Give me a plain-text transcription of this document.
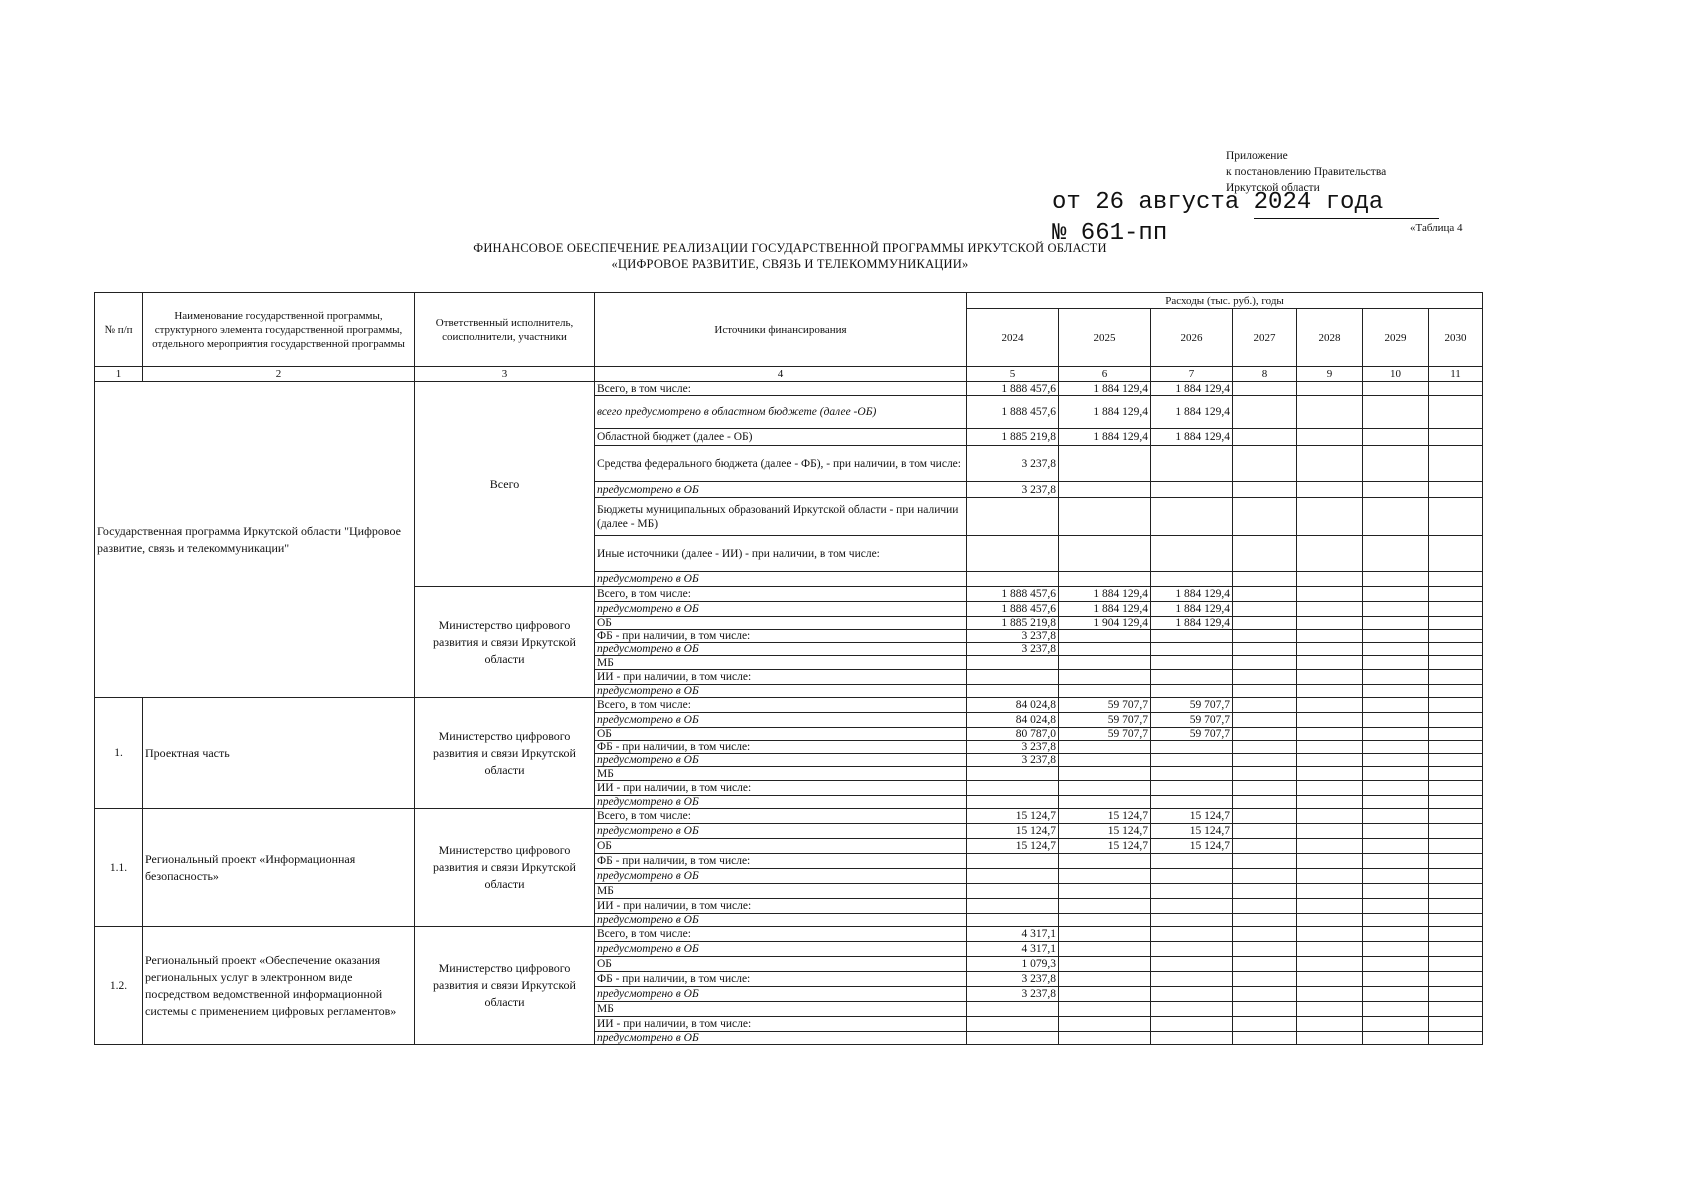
Приложение
к постановлению Правительства
Иркутской области
от 26 августа 2024 года
№ 661-пп	«Таблица 4
ФИНАНСОВОЕ ОБЕСПЕЧЕНИЕ РЕАЛИЗАЦИИ ГОСУДАРСТВЕННОЙ ПРОГРАММЫ ИРКУТСКОЙ ОБЛАСТИ
«ЦИФРОВОЕ РАЗВИТИЕ, СВЯЗЬ И ТЕЛЕКОММУНИКАЦИИ»
№ п/п	Наименование государственной программы, структурного элемента государственной программы, отдельного мероприятия государственной программы	Ответственный исполнитель, соисполнители, участники	Источники финансирования	Расходы (тыс. руб.), годы						
				2024	2025	2026	2027	2028	2029	2030
1	2	3	4	5	6	7	8	9	10	11
Государственная программа Иркутской области "Цифровое развитие, связь и телекоммуникации"		Всего	Всего, в том числе:	1 888 457,6	1 884 129,4	1 884 129,4				
			всего предусмотрено в областном бюджете (далее -ОБ)	1 888 457,6	1 884 129,4	1 884 129,4				
			Областной бюджет (далее - ОБ)	1 885 219,8	1 884 129,4	1 884 129,4				
			Средства федерального бюджета (далее - ФБ), - при наличии, в том числе:	3 237,8						
			предусмотрено в ОБ	3 237,8						
			Бюджеты муниципальных образований Иркутской области - при наличии (далее - МБ)							
			Иные источники (далее - ИИ) - при наличии, в том числе:							
			предусмотрено в ОБ							
		Министерство цифрового развития и связи Иркутской области	Всего, в том числе:	1 888 457,6	1 884 129,4	1 884 129,4				
			предусмотрено в ОБ	1 888 457,6	1 884 129,4	1 884 129,4				
			ОБ	1 885 219,8	1 904 129,4	1 884 129,4				
			ФБ - при наличии, в том числе:	3 237,8						
			предусмотрено в ОБ	3 237,8						
			МБ							
			ИИ - при наличии, в том числе:							
			предусмотрено в ОБ							
1.	Проектная часть	Министерство цифрового развития и связи Иркутской области	Всего, в том числе:	84 024,8	59 707,7	59 707,7				
			предусмотрено в ОБ	84 024,8	59 707,7	59 707,7				
			ОБ	80 787,0	59 707,7	59 707,7				
			ФБ - при наличии, в том числе:	3 237,8						
			предусмотрено в ОБ	3 237,8						
			МБ							
			ИИ - при наличии, в том числе:							
			предусмотрено в ОБ							
1.1.	Региональный проект «Информационная безопасность»	Министерство цифрового развития и связи Иркутской области	Всего, в том числе:	15 124,7	15 124,7	15 124,7				
			предусмотрено в ОБ	15 124,7	15 124,7	15 124,7				
			ОБ	15 124,7	15 124,7	15 124,7				
			ФБ - при наличии, в том числе:							
			предусмотрено в ОБ							
			МБ							
			ИИ - при наличии, в том числе:							
			предусмотрено в ОБ							
1.2.	Региональный проект «Обеспечение оказания региональных услуг в электронном виде посредством ведомственной информационной системы с применением цифровых регламентов»	Министерство цифрового развития и связи Иркутской области	Всего, в том числе:	4 317,1						
			предусмотрено в ОБ	4 317,1						
			ОБ	1 079,3						
			ФБ - при наличии, в том числе:	3 237,8						
			предусмотрено в ОБ	3 237,8						
			МБ							
			ИИ - при наличии, в том числе:							
			предусмотрено в ОБ							
